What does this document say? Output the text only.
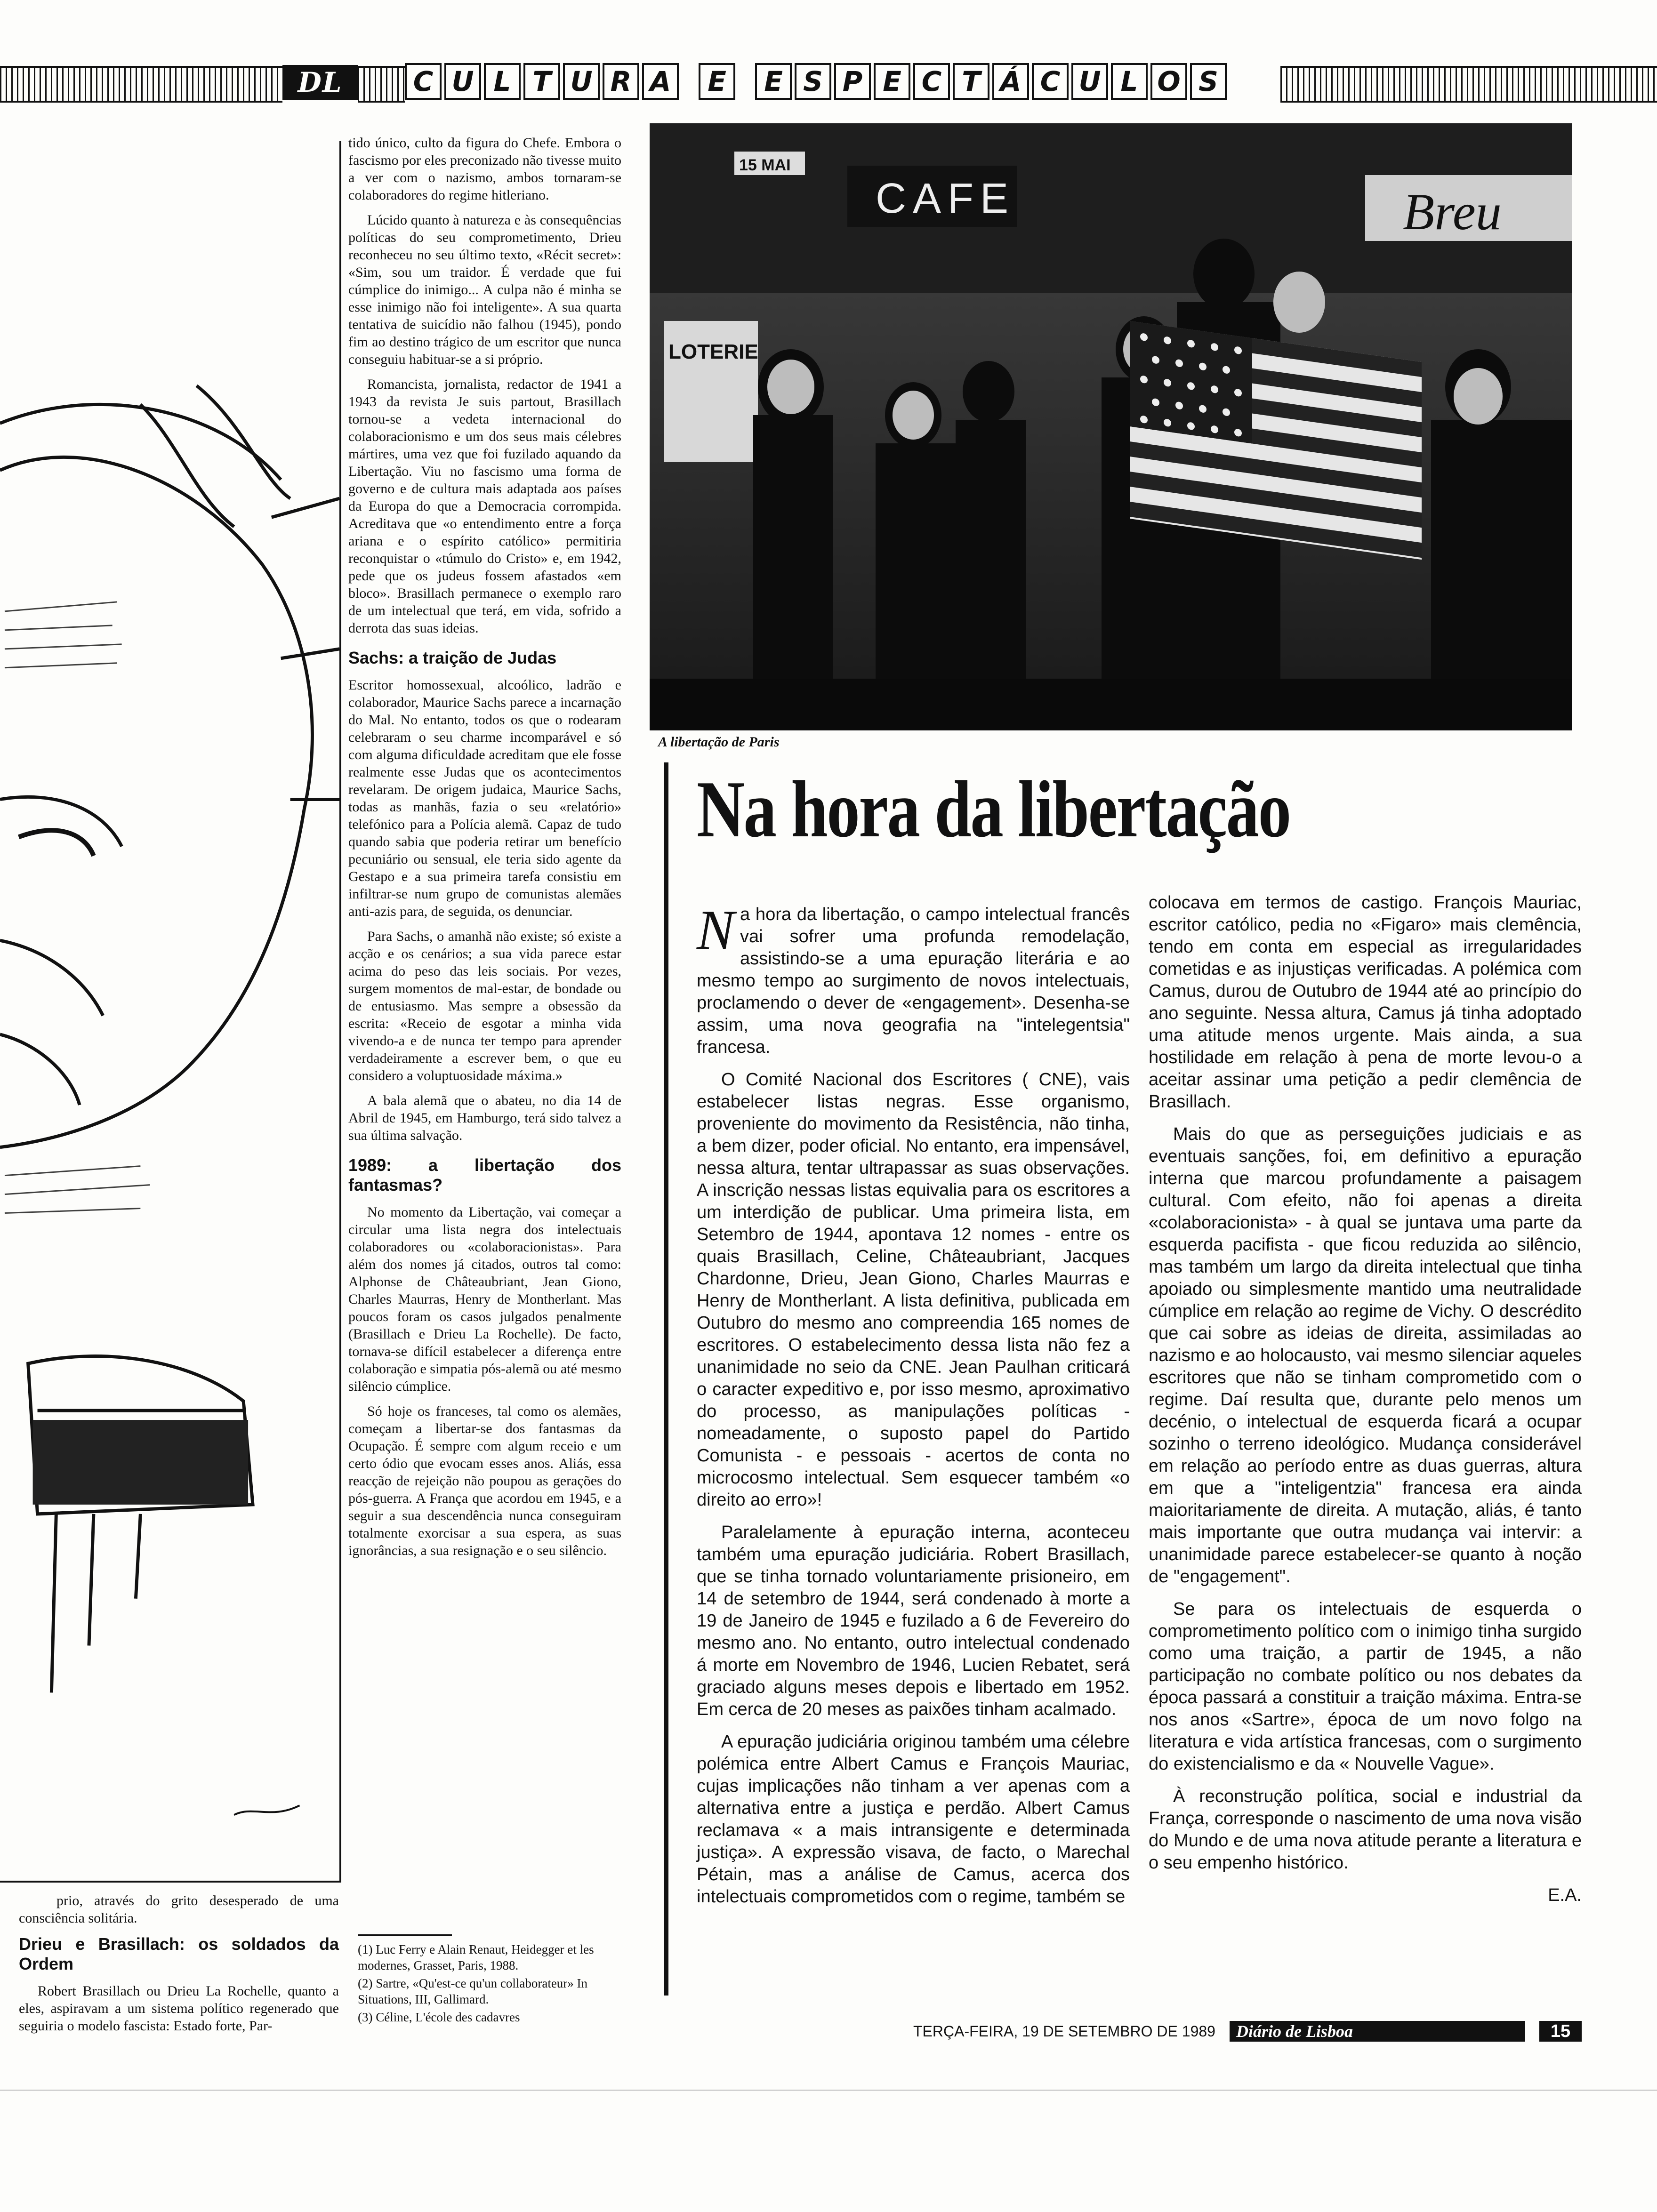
DL	C U L T U R A	E	E S P E C T Á C U L O S

tido único, culto da figura do Chefe. Embora o fascismo por eles preconizado não tivesse muito a ver com o nazismo, ambos tornaram-se colaboradores do regime hitleriano.

Lúcido quanto à natureza e às consequências políticas do seu comprometimento, Drieu reconheceu no seu último texto, «Récit secret»: «Sim, sou um traidor. É verdade que fui cúmplice do inimigo... A culpa não é minha se esse inimigo não foi inteligente». A sua quarta tentativa de suicídio não falhou (1945), pondo fim ao destino trágico de um escritor que nunca conseguiu habituar-se a si próprio.

Romancista, jornalista, redactor de 1941 a 1943 da revista Je suis partout, Brasillach tornou-se a vedeta internacional do colaboracionismo e um dos seus mais célebres mártires, uma vez que foi fuzilado aquando da Libertação. Viu no fascismo uma forma de governo e de cultura mais adaptada aos países da Europa do que a Democracia corrompida. Acreditava que «o entendimento entre a força ariana e o espírito católico» permitiria reconquistar o «túmulo do Cristo» e, em 1942, pede que os judeus fossem afastados «em bloco». Brasillach permanece o exemplo raro de um intelectual que terá, em vida, sofrido a derrota das suas ideias.

Sachs: a traição de Judas

Escritor homossexual, alcoólico, ladrão e colaborador, Maurice Sachs parece a incarnação do Mal. No entanto, todos os que o rodearam celebraram o seu charme incomparável e só com alguma dificuldade acreditam que ele fosse realmente esse Judas que os acontecimentos revelaram. De origem judaica, Maurice Sachs, todas as manhãs, fazia o seu «relatório» telefónico para a Polícia alemã. Capaz de tudo quando sabia que poderia retirar um benefício pecuniário ou sensual, ele teria sido agente da Gestapo e a sua primeira tarefa consistiu em infiltrar-se num grupo de comunistas alemães anti-azis para, de seguida, os denunciar.

Para Sachs, o amanhã não existe; só existe a acção e os cenários; a sua vida parece estar acima do peso das leis sociais. Por vezes, surgem momentos de mal-estar, de bondade ou de entusiasmo. Mas sempre a obsessão da escrita: «Receio de esgotar a minha vida vivendo-a e de nunca ter tempo para aprender verdadeiramente a escrever bem, o que eu considero a voluptuosidade máxima.»

A bala alemã que o abateu, no dia 14 de Abril de 1945, em Hamburgo, terá sido talvez a sua última salvação.

1989: a libertação dos fantasmas?

No momento da Libertação, vai começar a circular uma lista negra dos intelectuais colaboradores ou «colaboracionistas». Para além dos nomes já citados, outros tal como: Alphonse de Châteaubriant, Jean Giono, Charles Maurras, Henry de Montherlant. Mas poucos foram os casos julgados penalmente (Brasillach e Drieu La Rochelle). De facto, tornava-se difícil estabelecer a diferença entre colaboração e simpatia pós-alemã ou até mesmo silêncio cúmplice.

Só hoje os franceses, tal como os alemães, começam a libertar-se dos fantasmas da Ocupação. É sempre com algum receio e um certo ódio que evocam esses anos. Aliás, essa reacção de rejeição não poupou as gerações do pós-guerra. A França que acordou em 1945, e a seguir a sua descendência nunca conseguiram totalmente exorcisar a sua espera, as suas ignorâncias, a sua resignação e o seu silêncio.

prio, através do grito desesperado de uma consciência solitária.

Drieu e Brasillach: os soldados da Ordem

Robert Brasillach ou Drieu La Rochelle, quanto a eles, aspiravam a um sistema político regenerado que seguiria o modelo fascista: Estado forte, Par-

(1) Luc Ferry e Alain Renaut, Heidegger et les modernes, Grasset, Paris, 1988.

(2) Sartre, «Qu'est-ce qu'un collaborateur» In Situations, III, Gallimard.

(3) Céline, L'école des cadavres

CAFE
15 MAI
Breu
LOTERIE
A libertação de Paris
Na hora da libertação

Na hora da libertação, o campo intelectual francês vai sofrer uma profunda remodelação, assistindo-se a uma epuração literária e ao mesmo tempo ao surgimento de novos intelectuais, proclamendo o dever de «engagement». Desenha-se assim, uma nova geografia na "intelegentsia" francesa.

O Comité Nacional dos Escritores ( CNE), vais estabelecer listas negras. Esse organismo, proveniente do movimento da Resistência, não tinha, a bem dizer, poder oficial. No entanto, era impensável, nessa altura, tentar ultrapassar as suas observações. A inscrição nessas listas equivalia para os escritores a um interdição de publicar. Uma primeira lista, em Setembro de 1944, apontava 12 nomes - entre os quais Brasillach, Celine, Châteaubriant, Jacques Chardonne, Drieu, Jean Giono, Charles Maurras e Henry de Montherlant. A lista definitiva, publicada em Outubro do mesmo ano compreendia 165 nomes de escritores. O estabelecimento dessa lista não fez a unanimidade no seio da CNE. Jean Paulhan criticará o caracter expeditivo e, por isso mesmo, aproximativo do processo, as manipulações políticas - nomeadamente, o suposto papel do Partido Comunista - e pessoais - acertos de conta no microcosmo intelectual. Sem esquecer também «o direito ao erro»!

Paralelamente à epuração interna, aconteceu também uma epuração judiciária. Robert Brasillach, que se tinha tornado voluntariamente prisioneiro, em 14 de setembro de 1944, será condenado à morte a 19 de Janeiro de 1945 e fuzilado a 6 de Fevereiro do mesmo ano. No entanto, outro intelectual condenado á morte em Novembro de 1946, Lucien Rebatet, será graciado alguns meses depois e libertado em 1952. Em cerca de 20 meses as paixões tinham acalmado.

A epuração judiciária originou também uma célebre polémica entre Albert Camus e François Mauriac, cujas implicações não tinham a ver apenas com a alternativa entre a justiça e perdão. Albert Camus reclamava « a mais intransigente e determinada justiça». A expressão visava, de facto, o Marechal Pétain, mas a análise de Camus, acerca dos intelectuais comprometidos com o regime, também se

colocava em termos de castigo. François Mauriac, escritor católico, pedia no «Figaro» mais clemência, tendo em conta em especial as irregularidades cometidas e as injustiças verificadas. A polémica com Camus, durou de Outubro de 1944 até ao princípio do ano seguinte. Nessa altura, Camus já tinha adoptado uma atitude menos urgente. Mais ainda, a sua hostilidade em relação à pena de morte levou-o a aceitar assinar uma petição a pedir clemência de Brasillach.

Mais do que as perseguições judiciais e as eventuais sanções, foi, em definitivo a epuração interna que marcou profundamente a paisagem cultural. Com efeito, não foi apenas a direita «colaboracionista» - à qual se juntava uma parte da esquerda pacifista - que ficou reduzida ao silêncio, mas também um largo da direita intelectual que tinha apoiado ou simplesmente mantido uma neutralidade cúmplice em relação ao regime de Vichy. O descrédito que cai sobre as ideias de direita, assimiladas ao nazismo e ao holocausto, vai mesmo silenciar aqueles escritores que não se tinham comprometido com o regime. Daí resulta que, durante pelo menos um decénio, o intelectual de esquerda ficará a ocupar sozinho o terreno ideológico. Mudança considerável em relação ao período entre as duas guerras, altura em que a "inteligentzia" francesa era ainda maioritariamente de direita. A mutação, aliás, é tanto mais importante que outra mudança vai intervir: a unanimidade parece estabelecer-se quanto à noção de "engagement".

Se para os intelectuais de esquerda o comprometimento político com o inimigo tinha surgido como uma traição, a partir de 1945, a não participação no combate político ou nos debates da época passará a constituir a traição máxima. Entra-se nos anos «Sartre», época de um novo folgo na literatura e vida artística francesas, com o surgimento do existencialismo e da « Nouvelle Vague».

À reconstrução política, social e industrial da França, corresponde o nascimento de uma nova visão do Mundo e de uma nova atitude perante a literatura e o seu empenho histórico.

E.A.
TERÇA-FEIRA, 19 DE SETEMBRO DE 1989	Diário de Lisboa	15
